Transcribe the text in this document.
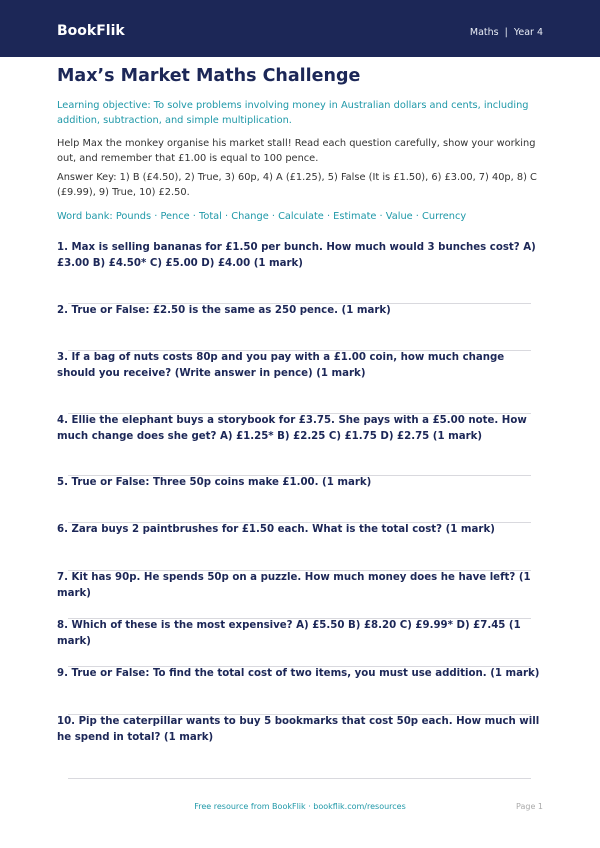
BookFlik	Maths | Year 4
Max’s Market Maths Challenge
Learning objective: To solve problems involving money in Australian dollars and cents, including addition, subtraction, and simple multiplication.
Help Max the monkey organise his market stall! Read each question carefully, show your working out, and remember that £1.00 is equal to 100 pence.
Answer Key: 1) B (£4.50), 2) True, 3) 60p, 4) A (£1.25), 5) False (It is £1.50), 6) £3.00, 7) 40p, 8) C (£9.99), 9) True, 10) £2.50.
Word bank: Pounds · Pence · Total · Change · Calculate · Estimate · Value · Currency
1. Max is selling bananas for £1.50 per bunch. How much would 3 bunches cost? A) £3.00 B) £4.50* C) £5.00 D) £4.00 (1 mark)
2. True or False: £2.50 is the same as 250 pence. (1 mark)
3. If a bag of nuts costs 80p and you pay with a £1.00 coin, how much change should you receive? (Write answer in pence) (1 mark)
4. Ellie the elephant buys a storybook for £3.75. She pays with a £5.00 note. How much change does she get? A) £1.25* B) £2.25 C) £1.75 D) £2.75 (1 mark)
5. True or False: Three 50p coins make £1.00. (1 mark)
6. Zara buys 2 paintbrushes for £1.50 each. What is the total cost? (1 mark)
7. Kit has 90p. He spends 50p on a puzzle. How much money does he have left? (1 mark)
8. Which of these is the most expensive? A) £5.50 B) £8.20 C) £9.99* D) £7.45 (1 mark)
9. True or False: To find the total cost of two items, you must use addition. (1 mark)
10. Pip the caterpillar wants to buy 5 bookmarks that cost 50p each. How much will he spend in total? (1 mark)
Free resource from BookFlik · bookflik.com/resources	Page 1
